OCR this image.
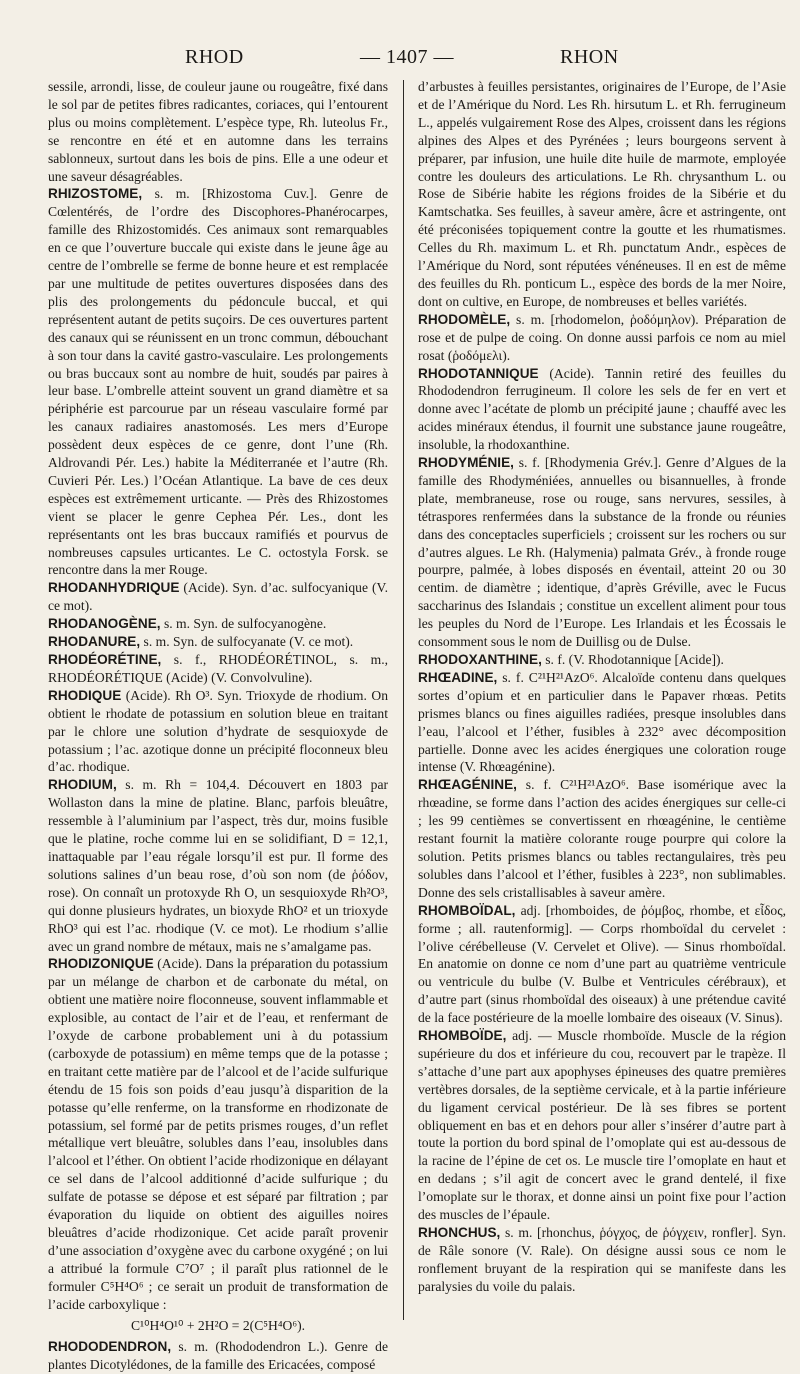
RHOD	— 1407 —	RHON

sessile, arrondi, lisse, de couleur jaune ou rougeâtre, fixé dans le sol par de petites fibres radicantes, coriaces, qui l’entourent plus ou moins complètement. L’espèce type, Rh. luteolus Fr., se rencontre en été et en automne dans les terrains sablonneux, surtout dans les bois de pins. Elle a une odeur et une saveur désagréables.

RHIZOSTOME, s. m. [Rhizostoma Cuv.]. Genre de Cœlentérés, de l’ordre des Discophores-Phanérocarpes, famille des Rhizostomidés. Ces animaux sont remarquables en ce que l’ouverture buccale qui existe dans le jeune âge au centre de l’ombrelle se ferme de bonne heure et est remplacée par une multitude de petites ouvertures disposées dans des plis des prolongements du pédoncule buccal, et qui représentent autant de petits suçoirs. De ces ouvertures partent des canaux qui se réunissent en un tronc commun, débouchant à son tour dans la cavité gastro-vasculaire. Les prolongements ou bras buccaux sont au nombre de huit, soudés par paires à leur base. L’ombrelle atteint souvent un grand diamètre et sa périphérie est parcourue par un réseau vasculaire formé par les canaux radiaires anastomosés. Les mers d’Europe possèdent deux espèces de ce genre, dont l’une (Rh. Aldrovandi Pér. Les.) habite la Méditerranée et l’autre (Rh. Cuvieri Pér. Les.) l’Océan Atlantique. La bave de ces deux espèces est extrêmement urticante. — Près des Rhizostomes vient se placer le genre Cephea Pér. Les., dont les représentants ont les bras buccaux ramifiés et pourvus de nombreuses capsules urticantes. Le C. octostyla Forsk. se rencontre dans la mer Rouge.

RHODANHYDRIQUE (Acide). Syn. d’ac. sulfocyanique (V. ce mot).

RHODANOGÈNE, s. m. Syn. de sulfocyanogène.

RHODANURE, s. m. Syn. de sulfocyanate (V. ce mot).

RHODÉORÉTINE, s. f., RHODÉORÉTINOL, s. m., RHODÉORÉTIQUE (Acide) (V. Convolvuline).

RHODIQUE (Acide). Rh O³. Syn. Trioxyde de rhodium. On obtient le rhodate de potassium en solution bleue en traitant par le chlore une solution d’hydrate de sesquioxyde de potassium ; l’ac. azotique donne un précipité floconneux bleu d’ac. rhodique.

RHODIUM, s. m. Rh = 104,4. Découvert en 1803 par Wollaston dans la mine de platine. Blanc, parfois bleuâtre, ressemble à l’aluminium par l’aspect, très dur, moins fusible que le platine, roche comme lui en se solidifiant, D = 12,1, inattaquable par l’eau régale lorsqu’il est pur. Il forme des solutions salines d’un beau rose, d’où son nom (de ῥόδον, rose). On connaît un protoxyde Rh O, un sesquioxyde Rh²O³, qui donne plusieurs hydrates, un bioxyde RhO² et un trioxyde RhO³ qui est l’ac. rhodique (V. ce mot). Le rhodium s’allie avec un grand nombre de métaux, mais ne s’amalgame pas.

RHODIZONIQUE (Acide). Dans la préparation du potassium par un mélange de charbon et de carbonate du métal, on obtient une matière noire floconneuse, souvent inflammable et explosible, au contact de l’air et de l’eau, et renfermant de l’oxyde de carbone probablement uni à du potassium (carboxyde de potassium) en même temps que de la potasse ; en traitant cette matière par de l’alcool et de l’acide sulfurique étendu de 15 fois son poids d’eau jusqu’à disparition de la potasse qu’elle renferme, on la transforme en rhodizonate de potassium, sel formé par de petits prismes rouges, d’un reflet métallique vert bleuâtre, solubles dans l’eau, insolubles dans l’alcool et l’éther. On obtient l’acide rhodizonique en délayant ce sel dans de l’alcool additionné d’acide sulfurique ; du sulfate de potasse se dépose et est séparé par filtration ; par évaporation du liquide on obtient des aiguilles noires bleuâtres d’acide rhodizonique. Cet acide paraît provenir d’une association d’oxygène avec du carbone oxygéné ; on lui a attribué la formule C⁷O⁷ ; il paraît plus rationnel de le formuler C⁵H⁴O⁶ ; ce serait un produit de transformation de l’acide carboxylique :

C¹⁰H⁴O¹⁰ + 2H²O = 2(C⁵H⁴O⁶).

RHODODENDRON, s. m. (Rhododendron L.). Genre de plantes Dicotylédones, de la famille des Ericacées, composé

d’arbustes à feuilles persistantes, originaires de l’Europe, de l’Asie et de l’Amérique du Nord. Les Rh. hirsutum L. et Rh. ferrugineum L., appelés vulgairement Rose des Alpes, croissent dans les régions alpines des Alpes et des Pyrénées ; leurs bourgeons servent à préparer, par infusion, une huile dite huile de marmote, employée contre les douleurs des articulations. Le Rh. chrysanthum L. ou Rose de Sibérie habite les régions froides de la Sibérie et du Kamtschatka. Ses feuilles, à saveur amère, âcre et astringente, ont été préconisées topiquement contre la goutte et les rhumatismes. Celles du Rh. maximum L. et Rh. punctatum Andr., espèces de l’Amérique du Nord, sont réputées vénéneuses. Il en est de même des feuilles du Rh. ponticum L., espèce des bords de la mer Noire, dont on cultive, en Europe, de nombreuses et belles variétés.

RHODOMÈLE, s. m. [rhodomelon, ῥοδόμηλον). Préparation de rose et de pulpe de coing. On donne aussi parfois ce nom au miel rosat (ῥοδόμελι).

RHODOTANNIQUE (Acide). Tannin retiré des feuilles du Rhododendron ferrugineum. Il colore les sels de fer en vert et donne avec l’acétate de plomb un précipité jaune ; chauffé avec les acides minéraux étendus, il fournit une substance jaune rougeâtre, insoluble, la rhodoxanthine.

RHODYMÉNIE, s. f. [Rhodymenia Grév.]. Genre d’Algues de la famille des Rhodyméniées, annuelles ou bisannuelles, à fronde plate, membraneuse, rose ou rouge, sans nervures, sessiles, à tétraspores renfermées dans la substance de la fronde ou réunies dans des conceptacles superficiels ; croissent sur les rochers ou sur d’autres algues. Le Rh. (Halymenia) palmata Grév., à fronde rouge pourpre, palmée, à lobes disposés en éventail, atteint 20 ou 30 centim. de diamètre ; identique, d’après Gréville, avec le Fucus saccharinus des Islandais ; constitue un excellent aliment pour tous les peuples du Nord de l’Europe. Les Irlandais et les Écossais le consomment sous le nom de Duillisg ou de Dulse.

RHODOXANTHINE, s. f. (V. Rhodotannique [Acide]).

RHŒADINE, s. f. C²¹H²¹AzO⁶. Alcaloïde contenu dans quelques sortes d’opium et en particulier dans le Papaver rhœas. Petits prismes blancs ou fines aiguilles radiées, presque insolubles dans l’eau, l’alcool et l’éther, fusibles à 232° avec décomposition partielle. Donne avec les acides énergiques une coloration rouge intense (V. Rhœagénine).

RHŒAGÉNINE, s. f. C²¹H²¹AzO⁶. Base isomérique avec la rhœadine, se forme dans l’action des acides énergiques sur celle-ci ; les 99 centièmes se convertissent en rhœagénine, le centième restant fournit la matière colorante rouge pourpre qui colore la solution. Petits prismes blancs ou tables rectangulaires, très peu solubles dans l’alcool et l’éther, fusibles à 223°, non sublimables. Donne des sels cristallisables à saveur amère.

RHOMBOÏDAL, adj. [rhomboides, de ῥόμβος, rhombe, et εἶδος, forme ; all. rautenformig]. — Corps rhomboïdal du cervelet : l’olive cérébelleuse (V. Cervelet et Olive). — Sinus rhomboïdal. En anatomie on donne ce nom d’une part au quatrième ventricule ou ventricule du bulbe (V. Bulbe et Ventricules cérébraux), et d’autre part (sinus rhomboïdal des oiseaux) à une prétendue cavité de la face postérieure de la moelle lombaire des oiseaux (V. Sinus).

RHOMBOÏDE, adj. — Muscle rhomboïde. Muscle de la région supérieure du dos et inférieure du cou, recouvert par le trapèze. Il s’attache d’une part aux apophyses épineuses des quatre premières vertèbres dorsales, de la septième cervicale, et à la partie inférieure du ligament cervical postérieur. De là ses fibres se portent obliquement en bas et en dehors pour aller s’insérer d’autre part à toute la portion du bord spinal de l’omoplate qui est au-dessous de la racine de l’épine de cet os. Le muscle tire l’omoplate en haut et en dedans ; s’il agit de concert avec le grand dentelé, il fixe l’omoplate sur le thorax, et donne ainsi un point fixe pour l’action des muscles de l’épaule.

RHONCHUS, s. m. [rhonchus, ῥόγχος, de ῥόγχειν, ronfler]. Syn. de Râle sonore (V. Rale). On désigne aussi sous ce nom le ronflement bruyant de la respiration qui se manifeste dans les paralysies du voile du palais.
